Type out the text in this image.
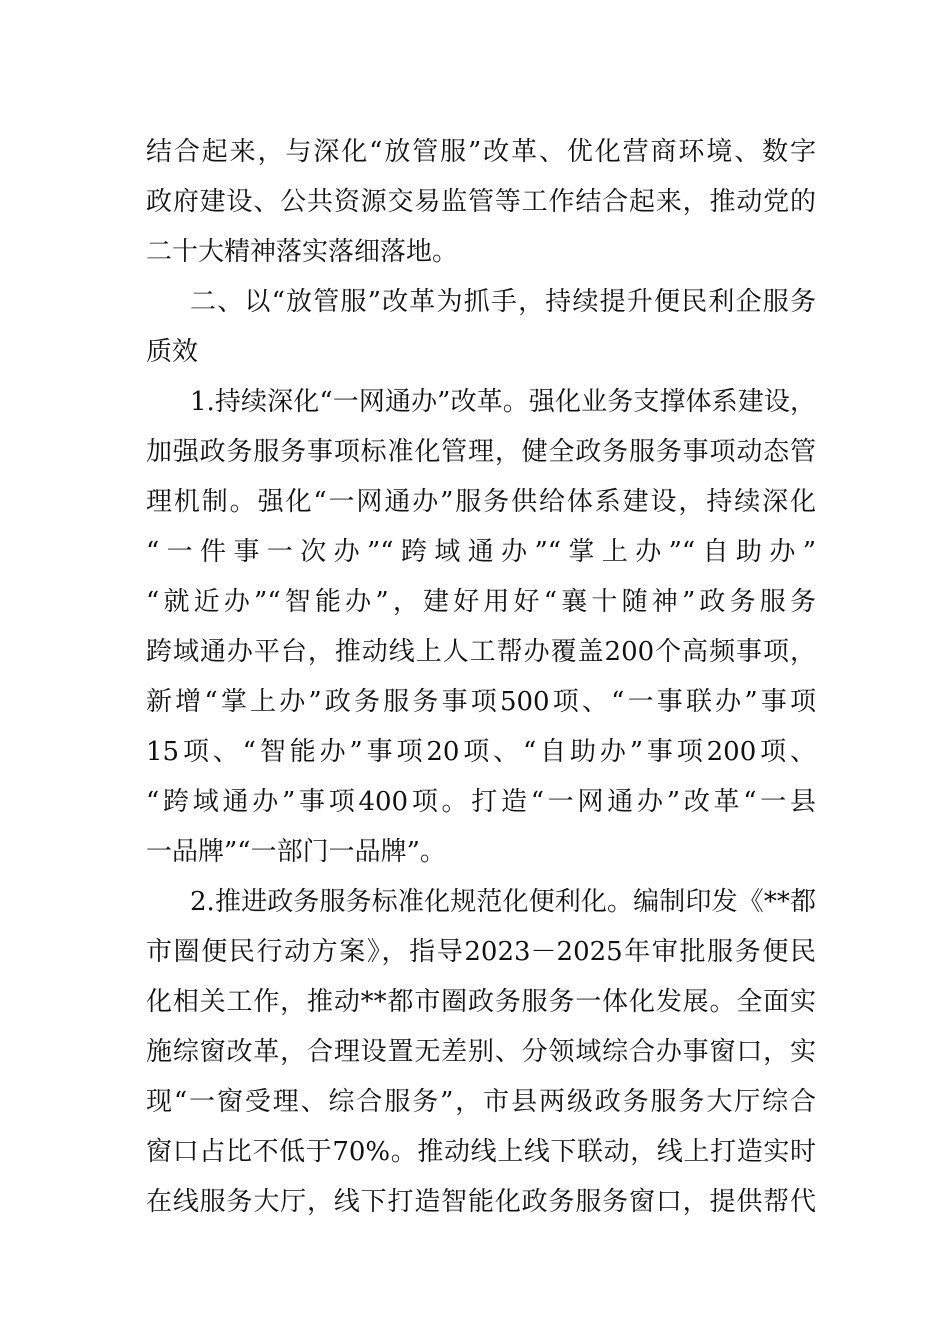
结合起来，与深化“放管服”改革、优化营商环境、数字
政府建设、公共资源交易监管等工作结合起来，推动党的
二十大精神落实落细落地。
二、以“放管服”改革为抓手，持续提升便民利企服务
质效
1.持续深化“一网通办”改革。强化业务支撑体系建设，
加强政务服务事项标准化管理，健全政务服务事项动态管
理机制。强化“一网通办”服务供给体系建设，持续深化
“一件事一次办”“跨域通办”“掌上办”“自助办”
“就近办”“智能办”，建好用好“襄十随神”政务服务
跨域通办平台，推动线上人工帮办覆盖200个高频事项，
新增“掌上办”政务服务事项500项、“一事联办”事项
15项、“智能办”事项20项、“自助办”事项200项、
“跨域通办”事项400项。打造“一网通办”改革“一县
一品牌”“一部门一品牌”。
2.推进政务服务标准化规范化便利化。编制印发《**都
市圈便民行动方案》，指导2023－2025年审批服务便民
化相关工作，推动**都市圈政务服务一体化发展。全面实
施综窗改革，合理设置无差别、分领域综合办事窗口，实
现“一窗受理、综合服务”，市县两级政务服务大厅综合
窗口占比不低于70%。推动线上线下联动，线上打造实时
在线服务大厅，线下打造智能化政务服务窗口，提供帮代
